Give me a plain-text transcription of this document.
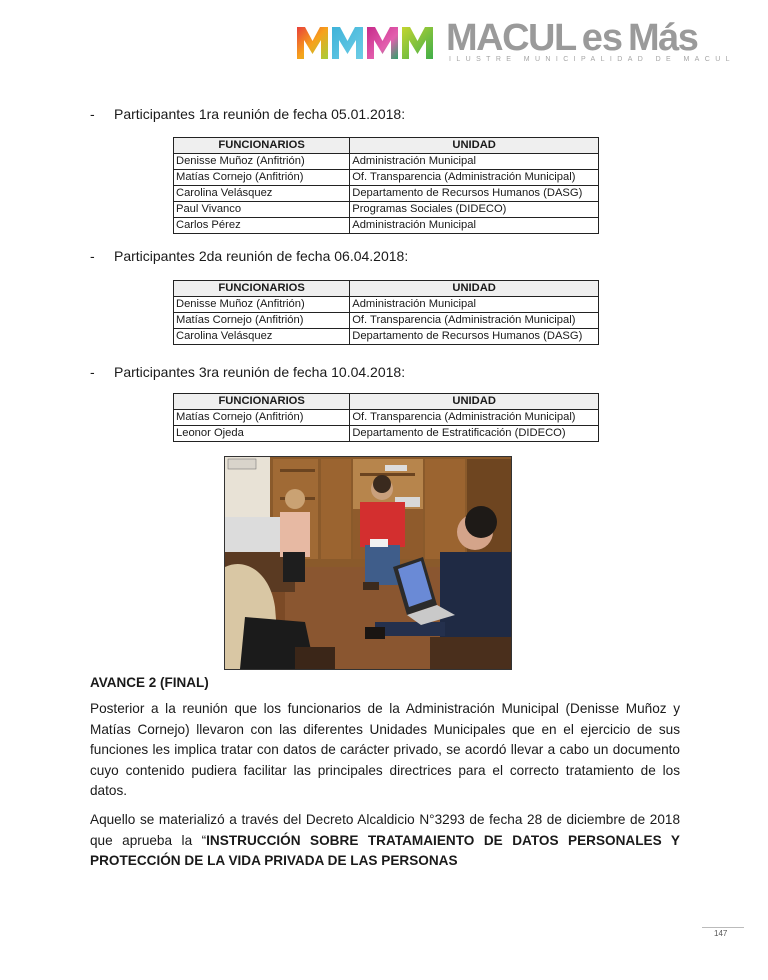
MACUL es Más
ILUSTRE MUNICIPALIDAD DE MACUL
-	Participantes 1ra reunión de fecha 05.01.2018:
FUNCIONARIOS	UNIDAD
Denisse Muñoz (Anfitrión)	Administración Municipal
Matías Cornejo (Anfitrión)	Of. Transparencia (Administración Municipal)
Carolina Velásquez	Departamento de Recursos Humanos (DASG)
Paul Vivanco	Programas Sociales (DIDECO)
Carlos Pérez	Administración Municipal
-	Participantes 2da reunión de fecha 06.04.2018:
FUNCIONARIOS	UNIDAD
Denisse Muñoz (Anfitrión)	Administración Municipal
Matías Cornejo (Anfitrión)	Of. Transparencia (Administración Municipal)
Carolina Velásquez	Departamento de Recursos Humanos (DASG)
-	Participantes 3ra reunión de fecha 10.04.2018:
FUNCIONARIOS	UNIDAD
Matías Cornejo (Anfitrión)	Of. Transparencia (Administración Municipal)
Leonor Ojeda	Departamento de Estratificación (DIDECO)
AVANCE 2 (FINAL)

Posterior a la reunión que los funcionarios de la Administración Municipal (Denisse Muñoz y Matías Cornejo) llevaron con las diferentes Unidades Municipales que en el ejercicio de sus funciones les implica tratar con datos de carácter privado, se acordó llevar a cabo un documento cuyo contenido pudiera facilitar las principales directrices para el correcto tratamiento de los datos.

Aquello se materializó a través del Decreto Alcaldicio N°3293 de fecha 28 de diciembre de 2018 que aprueba la “INSTRUCCIÓN SOBRE TRATAMAIENTO DE DATOS PERSONALES Y PROTECCIÓN DE LA VIDA PRIVADA DE LAS PERSONAS

147
